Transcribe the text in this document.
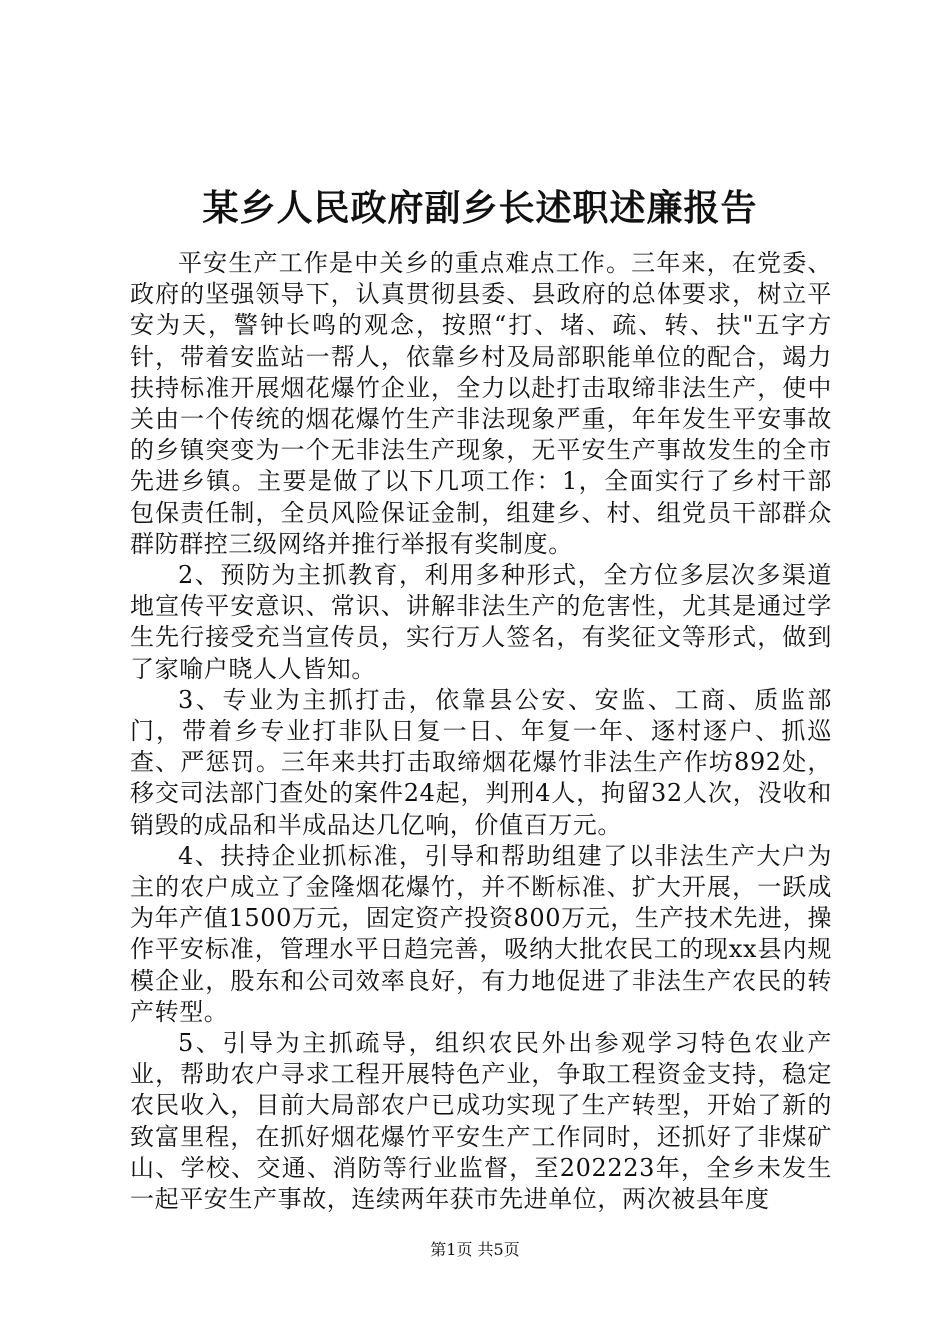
某乡人民政府副乡长述职述廉报告

平安生产工作是中关乡的重点难点工作。三年来，在党委、政府的坚强领导下，认真贯彻县委、县政府的总体要求，树立平安为天，警钟长鸣的观念，按照“打、堵、疏、转、扶"五字方针，带着安监站一帮人，依靠乡村及局部职能单位的配合，竭力扶持标准开展烟花爆竹企业，全力以赴打击取缔非法生产，使中关由一个传统的烟花爆竹生产非法现象严重，年年发生平安事故的乡镇突变为一个无非法生产现象，无平安生产事故发生的全市先进乡镇。主要是做了以下几项工作：1，全面实行了乡村干部包保责任制，全员风险保证金制，组建乡、村、组党员干部群众群防群控三级网络并推行举报有奖制度。

2、预防为主抓教育，利用多种形式，全方位多层次多渠道地宣传平安意识、常识、讲解非法生产的危害性，尤其是通过学生先行接受充当宣传员，实行万人签名，有奖征文等形式，做到了家喻户晓人人皆知。

3、专业为主抓打击，依靠县公安、安监、工商、质监部门，带着乡专业打非队日复一日、年复一年、逐村逐户、抓巡查、严惩罚。三年来共打击取缔烟花爆竹非法生产作坊892处，移交司法部门查处的案件24起，判刑4人，拘留32人次，没收和销毁的成品和半成品达几亿响，价值百万元。

4、扶持企业抓标准，引导和帮助组建了以非法生产大户为主的农户成立了金隆烟花爆竹，并不断标准、扩大开展，一跃成为年产值1500万元，固定资产投资800万元，生产技术先进，操作平安标准，管理水平日趋完善，吸纳大批农民工的现xx县内规模企业，股东和公司效率良好，有力地促进了非法生产农民的转产转型。

5、引导为主抓疏导，组织农民外出参观学习特色农业产业，帮助农户寻求工程开展特色产业，争取工程资金支持，稳定农民收入，目前大局部农户已成功实现了生产转型，开始了新的致富里程，在抓好烟花爆竹平安生产工作同时，还抓好了非煤矿山、学校、交通、消防等行业监督，至202223年，全乡未发生一起平安生产事故，连续两年获市先进单位，两次被县年度

第1页 共5页
